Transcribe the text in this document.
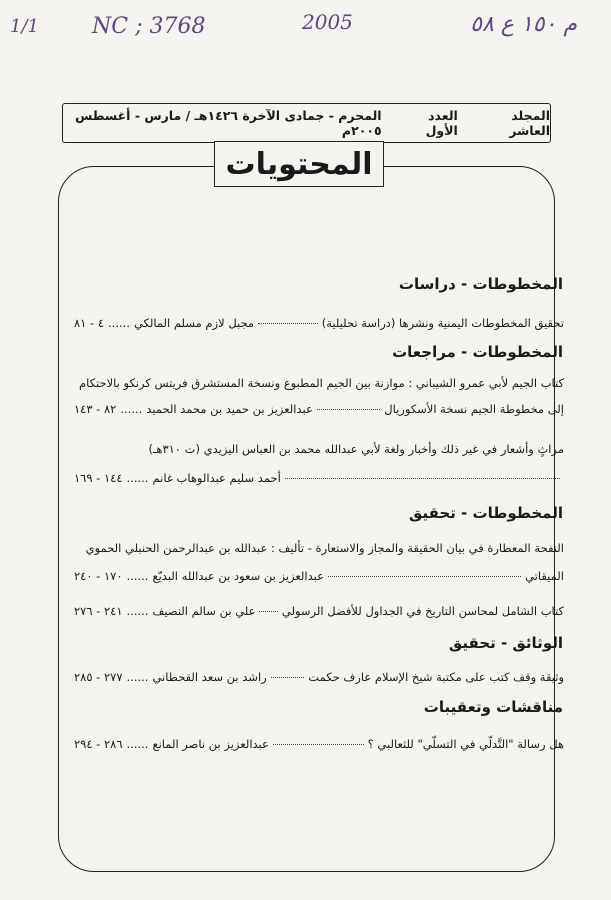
1/1 NC ; 3768	2005	م ١٥٠ ع ٥٨
المجلد العاشر
العدد الأول
المحرم - جمادى الآخرة ١٤٢٦هـ / مارس - أغسطس ٢٠٠٥م
المحتويات
المخطوطات - دراسات
تحقيق المخطوطات اليمنية ونشرها (دراسة تحليلية)
مجبل لازم مسلم المالكي
......
٤ - ٨١
المخطوطات - مراجعات
كتاب الجيم لأبي عمرو الشيباني : موازنة بين الجيم المطبوع ونسخة المستشرق فريتس كرنكو بالاحتكام
إلى مخطوطة الجيم نسخة الأسكوريال
عبدالعزيز بن حميد بن محمد الحميد
......
٨٢ - ١٤٣
مراثٍ وأشعار في غير ذلك وأخبار ولغة لأبي عبدالله محمد بن العباس اليزيدي (ت ٣١٠هـ)
أحمد سليم عبدالوهاب غانم
......
١٤٤ - ١٦٩
المخطوطات - تحقيق
النفحة المعطارة في بيان الحقيقة والمجاز والاستعارة - تأليف : عبدالله بن عبدالرحمن الحنبلي الحموي
الميقاتي
عبدالعزيز بن سعود بن عبدالله البديّع
......
١٧٠ - ٢٤٠
كتاب الشامل لمحاسن التاريخ في الجداول للأفضل الرسولي
علي بن سالم النصيف
......
٢٤١ - ٢٧٦
الوثائق - تحقيق
وثيقة وقف كتب على مكتبة شيخ الإسلام عارف حكمت
راشد بن سعد القحطاني
......
٢٧٧ - ٢٨٥
مناقشات وتعقيبات
هل رسالة "التَّدلّي في التسلّي" للثعالبي ؟
عبدالعزيز بن ناصر المانع
......
٢٨٦ - ٢٩٤
